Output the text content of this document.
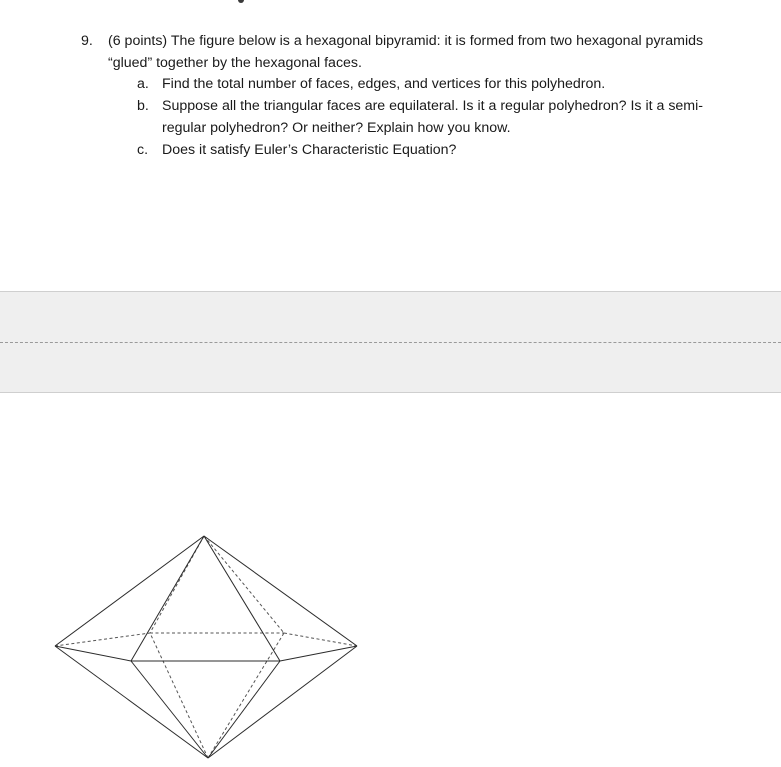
9. (6 points) The figure below is a hexagonal bipyramid: it is formed from two hexagonal pyramids
“glued” together by the hexagonal faces.
a. Find the total number of faces, edges, and vertices for this polyhedron.
b. Suppose all the triangular faces are equilateral. Is it a regular polyhedron? Is it a semi-
regular polyhedron? Or neither? Explain how you know.
c. Does it satisfy Euler’s Characteristic Equation?
